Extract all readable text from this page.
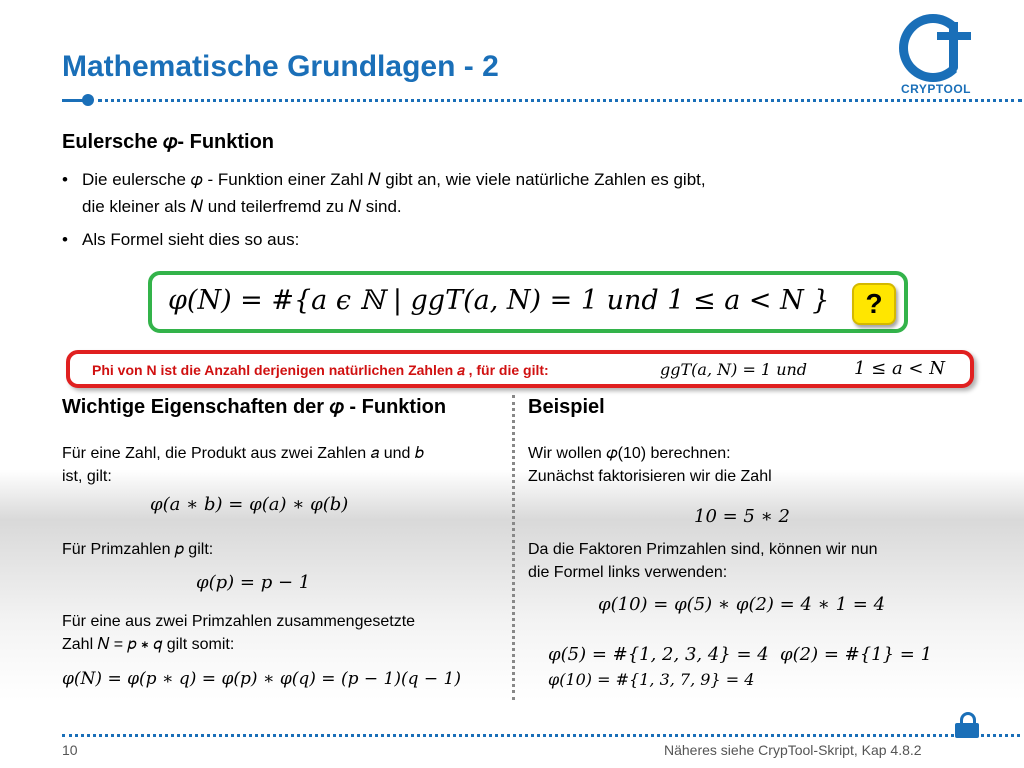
Mathematische Grundlagen - 2
CRYPTOOL
Eulersche 𝜑- Funktion
• Die eulersche 𝜑 - Funktion einer Zahl 𝑁 gibt an, wie viele natürliche Zahlen es gibt,
die kleiner als 𝑁 und teilerfremd zu 𝑁 sind.
• Als Formel sieht dies so aus:
𝜑(𝑁) = #{𝑎 𝜖 ℕ | 𝑔𝑔𝑇(𝑎, 𝑁) = 1 𝑢𝑛𝑑 1 ≤ 𝑎 < 𝑁 }	?
Phi von N ist die Anzahl derjenigen natürlichen Zahlen 𝑎 , für die gilt:	𝑔𝑔𝑇(𝑎, 𝑁) = 1 𝑢𝑛𝑑	1 ≤ 𝑎 < 𝑁
Wichtige Eigenschaften der 𝜑 - Funktion
Für eine Zahl, die Produkt aus zwei Zahlen 𝑎 und 𝑏
ist, gilt:
𝜑(𝑎 ∗ 𝑏) = 𝜑(𝑎) ∗ 𝜑(𝑏)
Für Primzahlen 𝑝 gilt:
𝜑(𝑝) = 𝑝 − 1
Für eine aus zwei Primzahlen zusammengesetzte
Zahl 𝑁 = 𝑝 ∗ 𝑞 gilt somit:
𝜑(𝑁) = 𝜑(𝑝 ∗ 𝑞) = 𝜑(𝑝) ∗ 𝜑(𝑞) = (𝑝 − 1)(𝑞 − 1)
Beispiel
Wir wollen 𝜑(10) berechnen:
Zunächst faktorisieren wir die Zahl
10 = 5 ∗ 2
Da die Faktoren Primzahlen sind, können wir nun
die Formel links verwenden:
𝜑(10) = 𝜑(5) ∗ 𝜑(2) = 4 ∗ 1 = 4
𝜑(5) = #{1, 2, 3, 4} = 4 𝜑(2) = #{1} = 1
𝜑(10) = #{1, 3, 7, 9} = 4
10	Näheres siehe CrypTool-Skript, Kap 4.8.2
